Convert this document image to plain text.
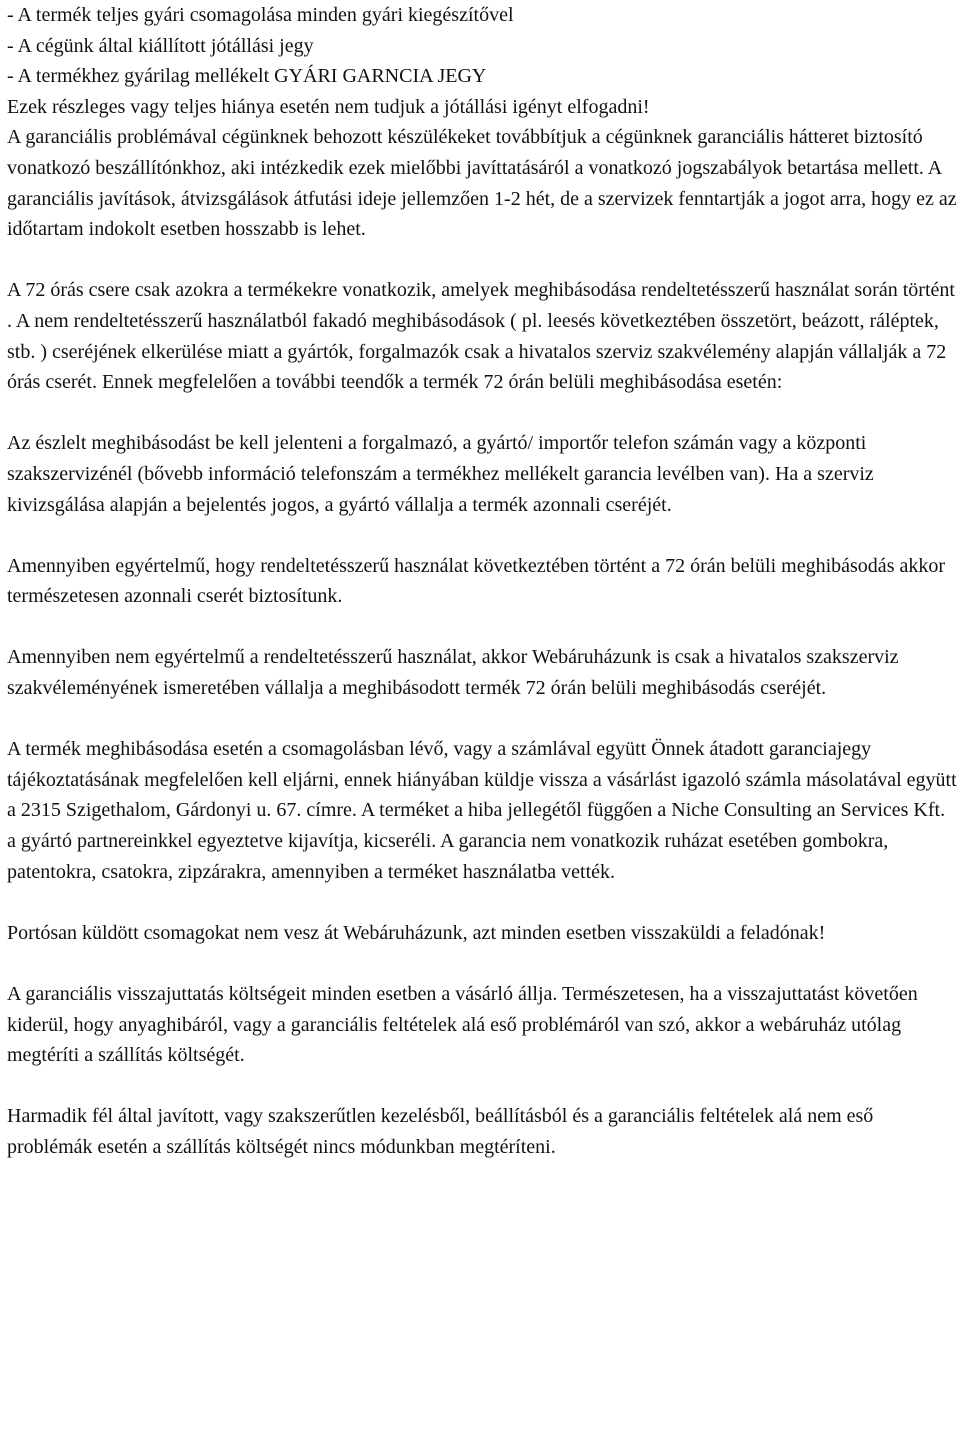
- A termék teljes gyári csomagolása minden gyári kiegészítővel

- A cégünk által kiállított jótállási jegy

- A termékhez gyárilag mellékelt GYÁRI GARNCIA JEGY

Ezek részleges vagy teljes hiánya esetén nem tudjuk a jótállási igényt elfogadni!

A garanciális problémával cégünknek behozott készülékeket továbbítjuk a cégünknek garanciális hátteret biztosító vonatkozó beszállítónkhoz, aki intézkedik ezek mielőbbi javíttatásáról a vonatkozó jogszabályok betartása mellett. A garanciális javítások, átvizsgálások átfutási ideje jellemzően 1-2 hét, de a szervizek fenntartják a jogot arra, hogy ez az időtartam indokolt esetben hosszabb is lehet.

A 72 órás csere csak azokra a termékekre vonatkozik, amelyek meghibásodása rendeltetésszerű használat során történt . A nem rendeltetésszerű használatból fakadó meghibásodások ( pl. leesés következtében összetört, beázott, ráléptek, stb. ) cseréjének elkerülése miatt a gyártók, forgalmazók csak a hivatalos szerviz szakvélemény alapján vállalják a 72 órás cserét. Ennek megfelelően a további teendők a termék 72 órán belüli meghibásodása esetén:

Az észlelt meghibásodást be kell jelenteni a forgalmazó, a gyártó/ importőr telefon számán vagy a központi szakszervizénél (bővebb információ telefonszám a termékhez mellékelt garancia levélben van). Ha a szerviz kivizsgálása alapján a bejelentés jogos, a gyártó vállalja a termék azonnali cseréjét.

Amennyiben egyértelmű, hogy rendeltetésszerű használat következtében történt a 72 órán belüli meghibásodás akkor természetesen azonnali cserét biztosítunk.

Amennyiben nem egyértelmű a rendeltetésszerű használat, akkor Webáruházunk is csak a hivatalos szakszerviz szakvéleményének ismeretében vállalja a meghibásodott termék 72 órán belüli meghibásodás cseréjét.

A termék meghibásodása esetén a csomagolásban lévő, vagy a számlával együtt Önnek átadott garanciajegy tájékoztatásának megfelelően kell eljárni, ennek hiányában küldje vissza a vásárlást igazoló számla másolatával együtt a 2315 Szigethalom, Gárdonyi u. 67. címre. A terméket a hiba jellegétől függően a Niche Consulting an Services Kft. a gyártó partnereinkkel egyeztetve kijavítja, kicseréli. A garancia nem vonatkozik ruházat esetében gombokra, patentokra, csatokra, zipzárakra, amennyiben a terméket használatba vették.

Portósan küldött csomagokat nem vesz át Webáruházunk, azt minden esetben visszaküldi a feladónak!

A garanciális visszajuttatás költségeit minden esetben a vásárló állja. Természetesen, ha a visszajuttatást követően kiderül, hogy anyaghibáról, vagy a garanciális feltételek alá eső problémáról van szó, akkor a webáruház utólag megtéríti a szállítás költségét.

Harmadik fél által javított, vagy szakszerűtlen kezelésből, beállításból és a garanciális feltételek alá nem eső problémák esetén a szállítás költségét nincs módunkban megtéríteni.
